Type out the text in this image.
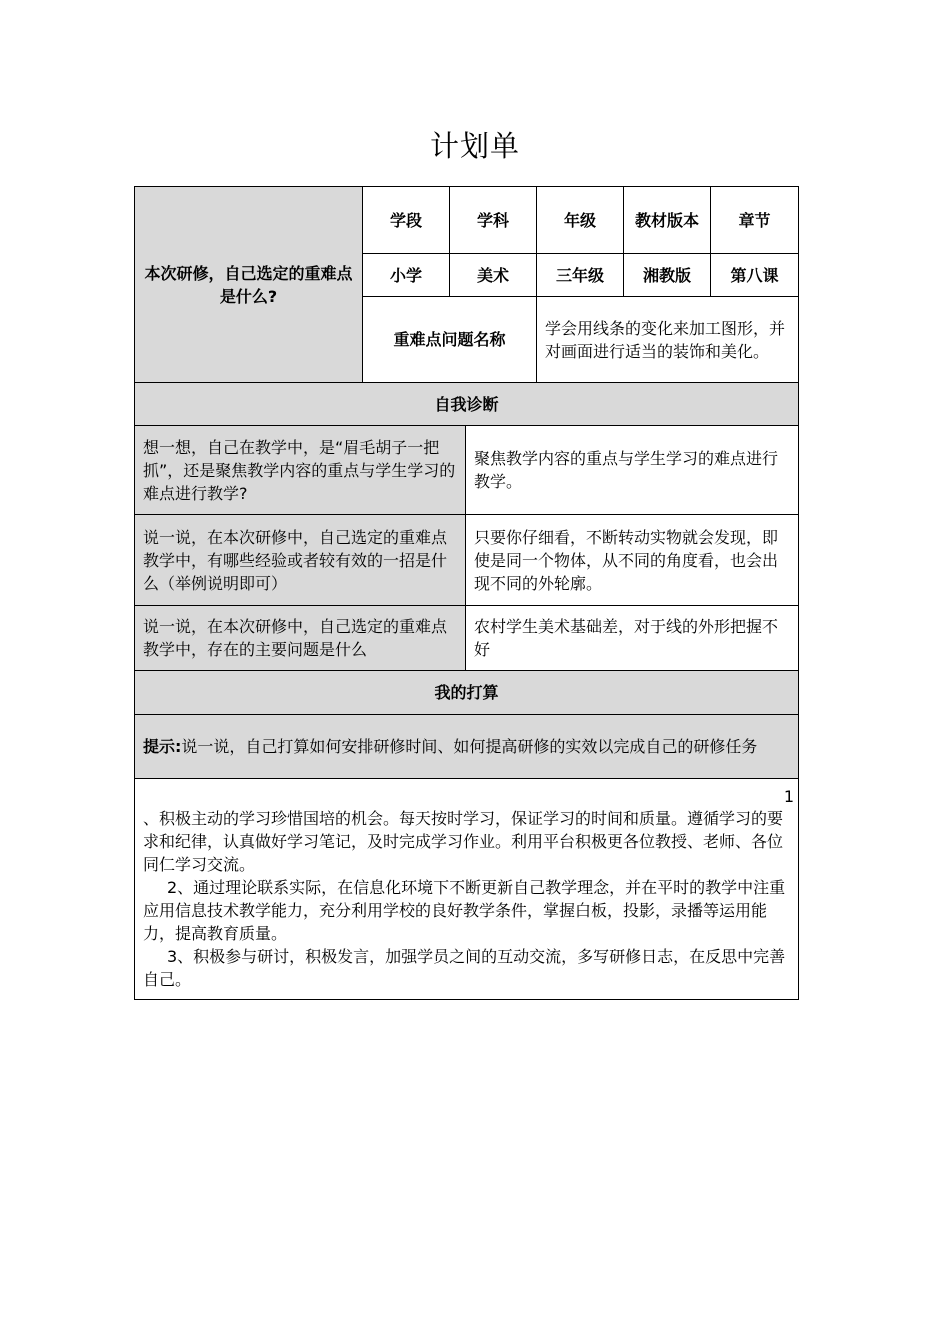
计划单
本次研修，自己选定的重难点是什么?	学段	学科		年级	教材版本	章节
	小学	美术		三年级	湘教版	第八课
	重难点问题名称			学会用线条的变化来加工图形，并对画面进行适当的装饰和美化。		
自我诊断						
想一想，自己在教学中，是“眉毛胡子一把抓”，还是聚焦教学内容的重点与学生学习的难点进行教学?			聚焦教学内容的重点与学生学习的难点进行教学。			
说一说，在本次研修中，自己选定的重难点教学中，有哪些经验或者较有效的一招是什么（举例说明即可）			只要你仔细看，不断转动实物就会发现，即使是同一个物体，从不同的角度看，也会出现不同的外轮廓。			
说一说，在本次研修中，自己选定的重难点教学中，存在的主要问题是什么			农村学生美术基础差，对于线的外形把握不好			
我的打算						
提示:说一说，自己打算如何安排研修时间、如何提高研修的实效以完成自己的研修任务						

1

、积极主动的学习珍惜国培的机会。每天按时学习，保证学习的时间和质量。遵循学习的要求和纪律，认真做好学习笔记，及时完成学习作业。利用平台积极更各位教授、老师、各位同仁学习交流。

2、通过理论联系实际，在信息化环境下不断更新自己教学理念，并在平时的教学中注重应用信息技术教学能力，充分利用学校的良好教学条件，掌握白板，投影，录播等运用能力，提高教育质量。

3、积极参与研讨，积极发言，加强学员之间的互动交流，多写研修日志，在反思中完善自己。						
